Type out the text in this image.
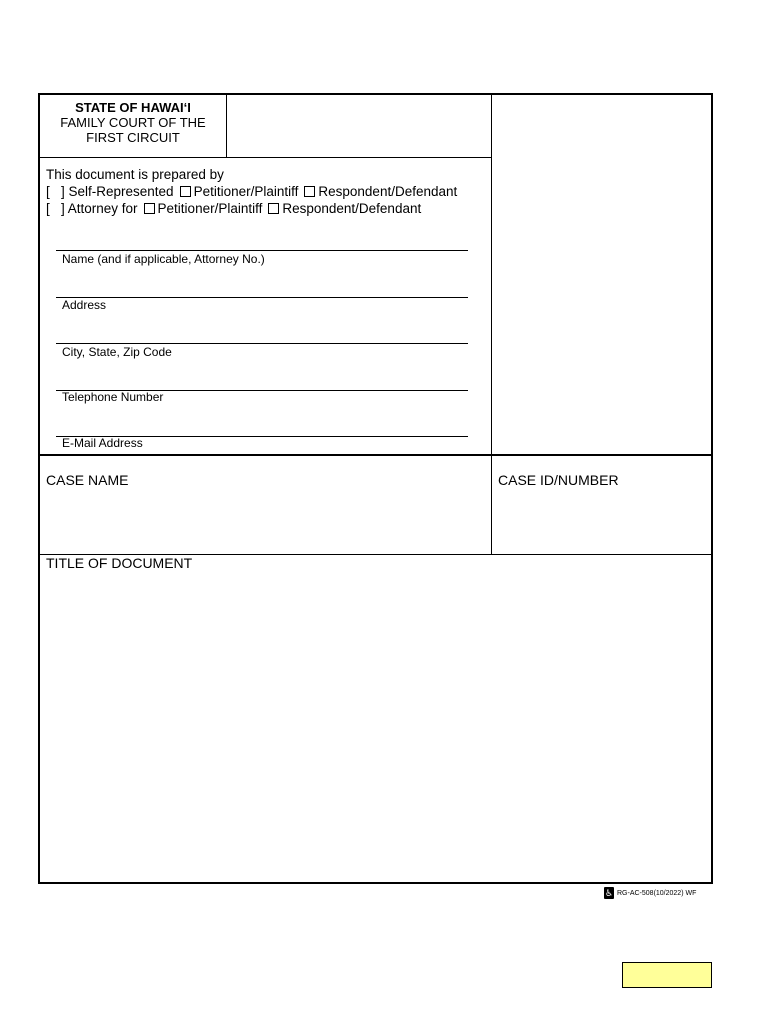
STATE OF HAWAI‘I
FAMILY COURT OF THE
FIRST CIRCUIT
This document is prepared by
[   ] Self-Represented Petitioner/Plaintiff Respondent/Defendant
[   ] Attorney for Petitioner/Plaintiff Respondent/Defendant
Name (and if applicable, Attorney No.)
Address
City, State, Zip Code
Telephone Number
E-Mail Address
CASE NAME	CASE ID/NUMBER
TITLE OF DOCUMENT
♿ RG-AC-508(10/2022) WF
